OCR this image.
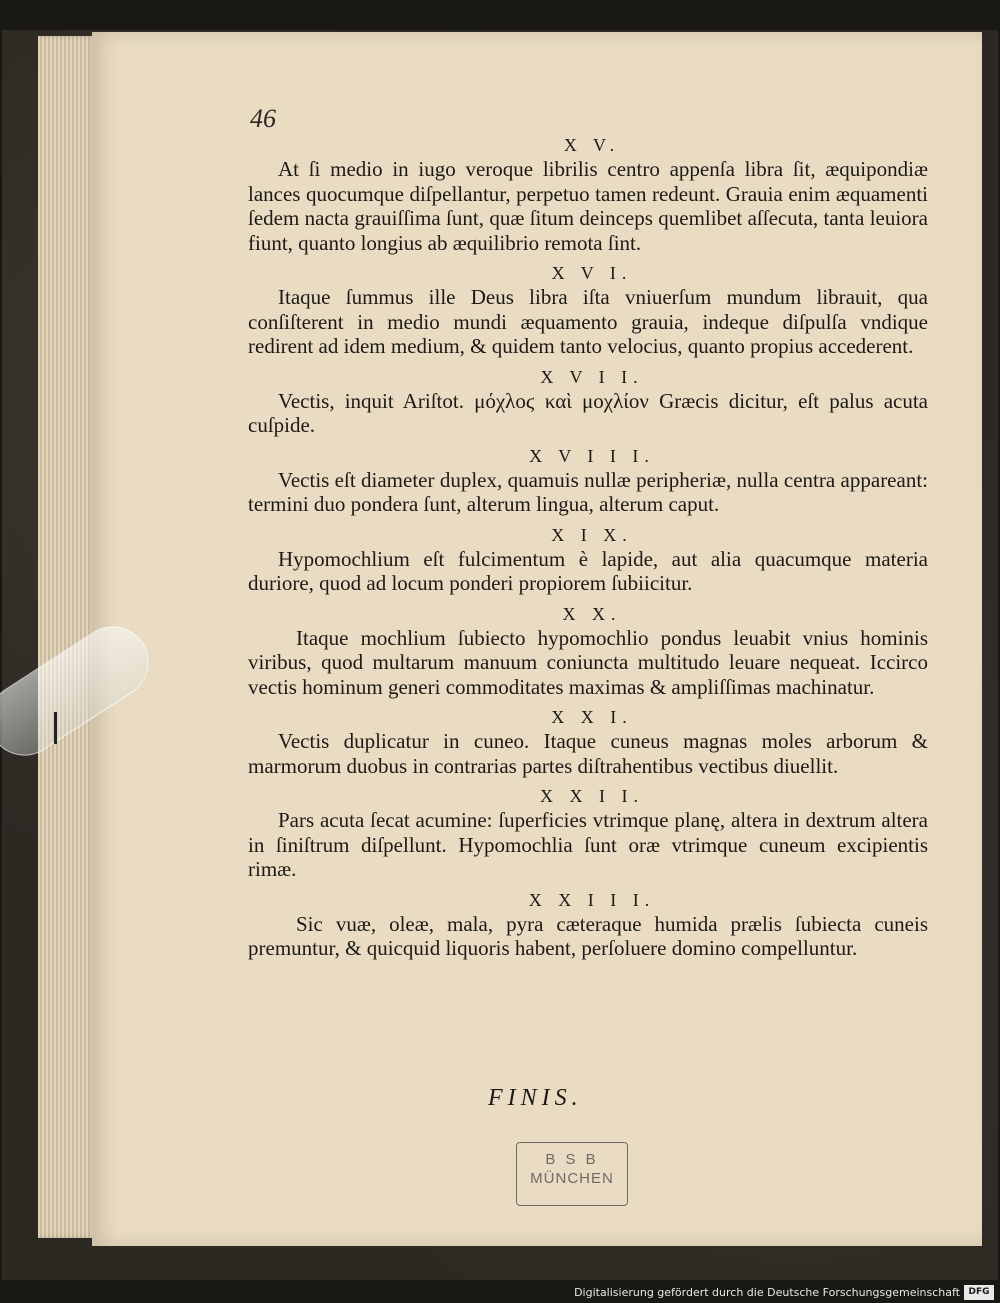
46

X V.

At ſi medio in iugo veroque librilis centro appenſa libra ſit, æquipondiæ lances quocumque diſpellantur, perpetuo tamen redeunt. Grauia enim æquamenti ſedem nacta grauiſſima ſunt, quæ ſitum deinceps quemlibet aſſecuta, tanta leuiora fiunt, quanto longius ab æquilibrio remota ſint.

X V I.

Itaque ſummus ille Deus libra iſta vniuerſum mundum librauit, qua conſiſterent in medio mundi æquamento grauia, indeque diſpulſa vndique redirent ad idem medium, & quidem tanto velocius, quanto propius accederent.

X V I I.

Vectis, inquit Ariſtot. μόχλοϛ καὶ μοχλίον Græcis dicitur, eſt palus acuta cuſpide.

X V I I I.

Vectis eſt diameter duplex, quamuis nullæ peripheriæ, nulla centra appareant: termini duo pondera ſunt, alterum lingua, alterum caput.

X I X.

Hypomochlium eſt fulcimentum è lapide, aut alia quacumque materia duriore, quod ad locum ponderi propiorem ſubiicitur.

X X.

Itaque mochlium ſubiecto hypomochlio pondus leuabit vnius hominis viribus, quod multarum manuum coniuncta multitudo leuare nequeat. Iccirco vectis hominum generi commoditates maximas & ampliſſimas machinatur.

X X I.

Vectis duplicatur in cuneo. Itaque cuneus magnas moles arborum & marmorum duobus in contrarias partes diſtrahentibus vectibus diuellit.

X X I I.

Pars acuta ſecat acumine: ſuperficies vtrimque planę, altera in dextrum altera in ſiniſtrum diſpellunt. Hypomochlia ſunt oræ vtrimque cuneum excipientis rimæ.

X X I I I.

Sic vuæ, oleæ, mala, pyra cæteraque humida prælis ſubiecta cuneis premuntur, & quicquid liquoris habent, perſoluere domino compelluntur.

FINIS.
B S B
MÜNCHEN
Digitalisierung gefördert durch die Deutsche Forschungsgemeinschaft DFG
